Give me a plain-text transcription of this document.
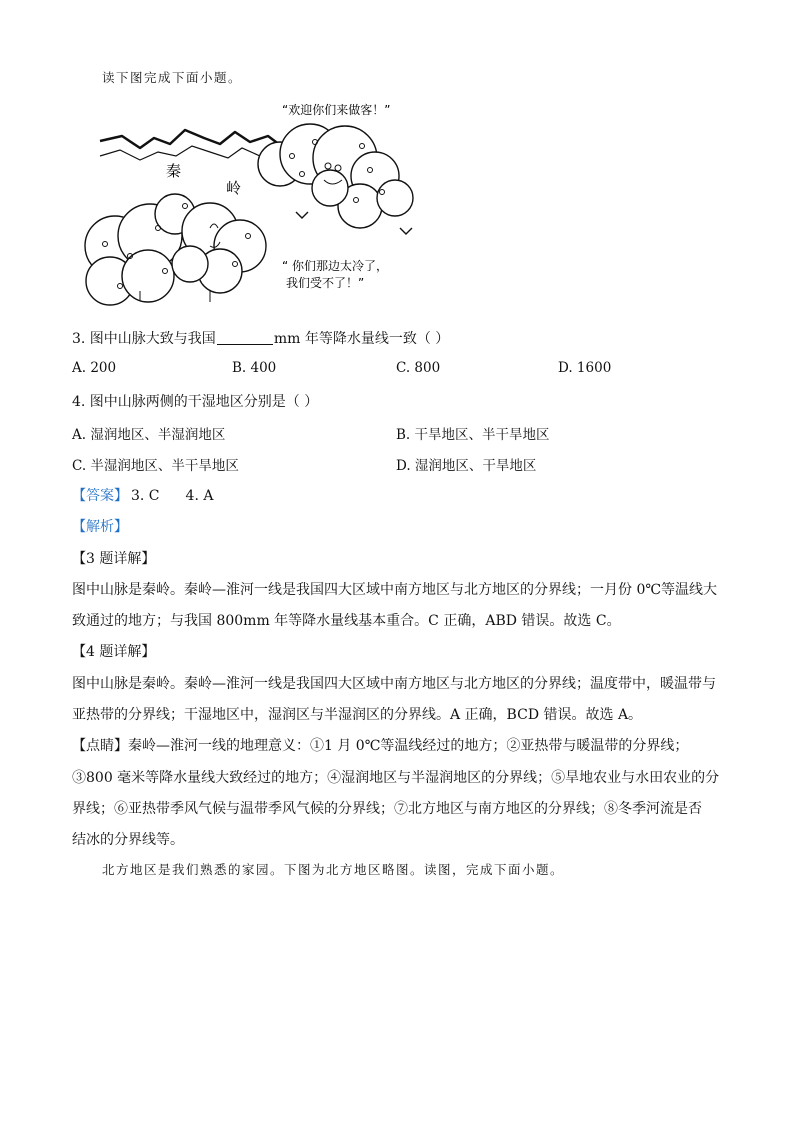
读下图完成下面小题。
“欢迎你们来做客！”
秦
岭
“ 你们那边太冷了，
我们受不了！”
3. 图中山脉大致与我国	mm 年等降水量线一致（ ）
A. 200	B. 400	C. 800	D. 1600
4. 图中山脉两侧的干湿地区分别是（ ）
A. 湿润地区、半湿润地区	B. 干旱地区、半干旱地区
C. 半湿润地区、半干旱地区	D. 湿润地区、干旱地区
【答案】 3. C 4. A
【解析】
【3 题详解】
图中山脉是秦岭。秦岭—淮河一线是我国四大区域中南方地区与北方地区的分界线；一月份 0℃等温线大
致通过的地方；与我国 800mm 年等降水量线基本重合。C 正确，ABD 错误。故选 C。
【4 题详解】
图中山脉是秦岭。秦岭—淮河一线是我国四大区域中南方地区与北方地区的分界线；温度带中，暖温带与
亚热带的分界线；干湿地区中，湿润区与半湿润区的分界线。A 正确，BCD 错误。故选 A。
【点睛】秦岭—淮河一线的地理意义：①1 月 0℃等温线经过的地方；②亚热带与暖温带的分界线；
③800 毫米等降水量线大致经过的地方；④湿润地区与半湿润地区的分界线；⑤旱地农业与水田农业的分
界线；⑥亚热带季风气候与温带季风气候的分界线；⑦北方地区与南方地区的分界线；⑧冬季河流是否
结冰的分界线等。
北方地区是我们熟悉的家园。下图为北方地区略图。读图，完成下面小题。
